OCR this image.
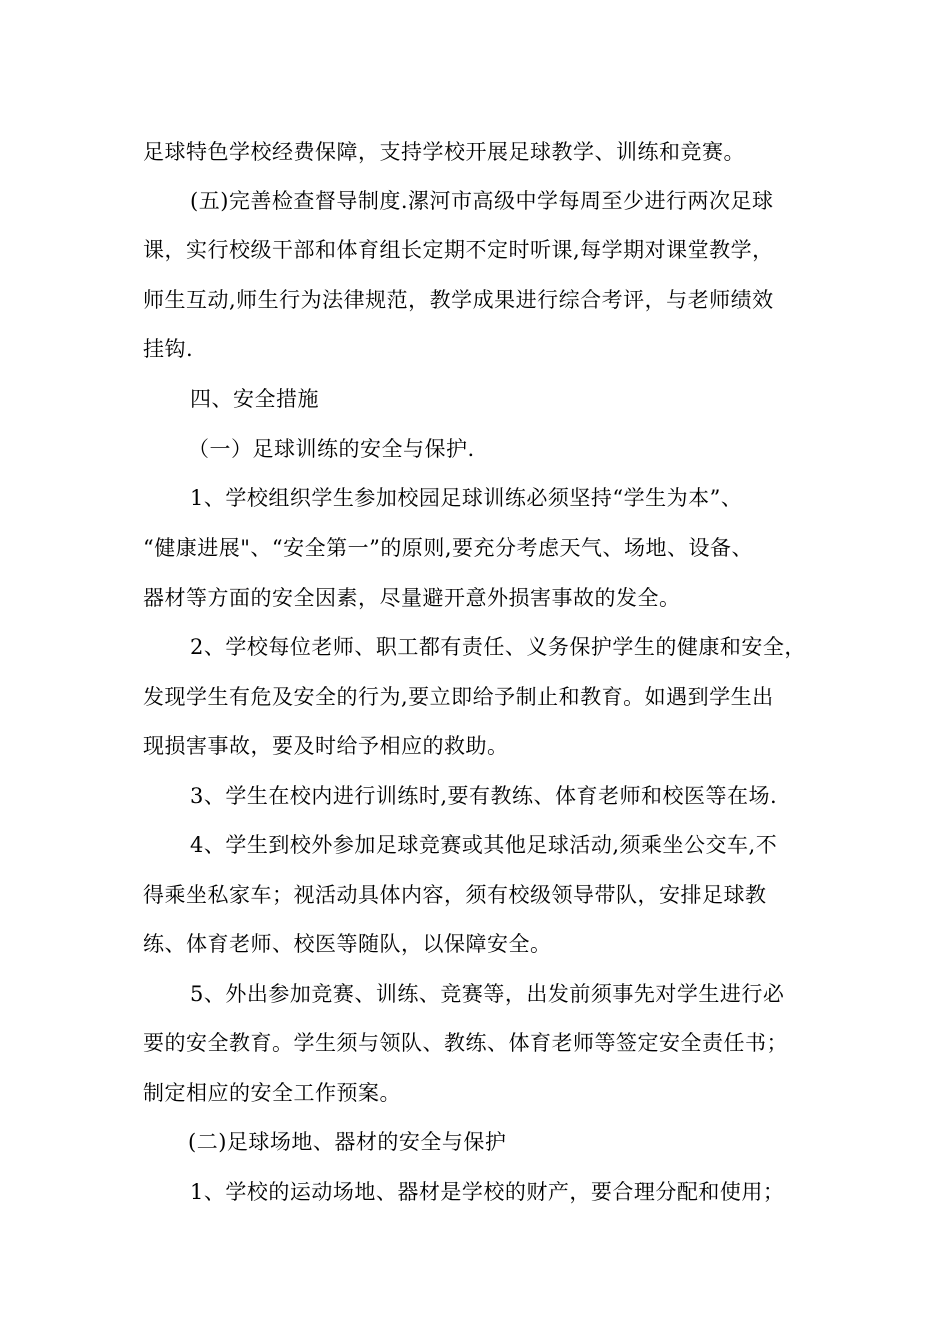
足球特色学校经费保障，支持学校开展足球教学、训练和竞赛。
(五)完善检查督导制度.漯河市高级中学每周至少进行两次足球
课，实行校级干部和体育组长定期不定时听课,每学期对课堂教学，
师生互动,师生行为法律规范，教学成果进行综合考评，与老师绩效
挂钩.
四、安全措施
（一）足球训练的安全与保护.
1、学校组织学生参加校园足球训练必须坚持“学生为本”、
“健康进展"、“安全第一”的原则,要充分考虑天气、场地、设备、
器材等方面的安全因素，尽量避开意外损害事故的发全。
2、学校每位老师、职工都有责任、义务保护学生的健康和安全，
发现学生有危及安全的行为,要立即给予制止和教育。如遇到学生出
现损害事故，要及时给予相应的救助。
3、学生在校内进行训练时,要有教练、体育老师和校医等在场.
4、学生到校外参加足球竞赛或其他足球活动,须乘坐公交车,不
得乘坐私家车；视活动具体内容，须有校级领导带队，安排足球教
练、体育老师、校医等随队，以保障安全。
5、外出参加竞赛、训练、竞赛等，出发前须事先对学生进行必
要的安全教育。学生须与领队、教练、体育老师等签定安全责任书；
制定相应的安全工作预案。
(二)足球场地、器材的安全与保护
1、学校的运动场地、器材是学校的财产，要合理分配和使用；
